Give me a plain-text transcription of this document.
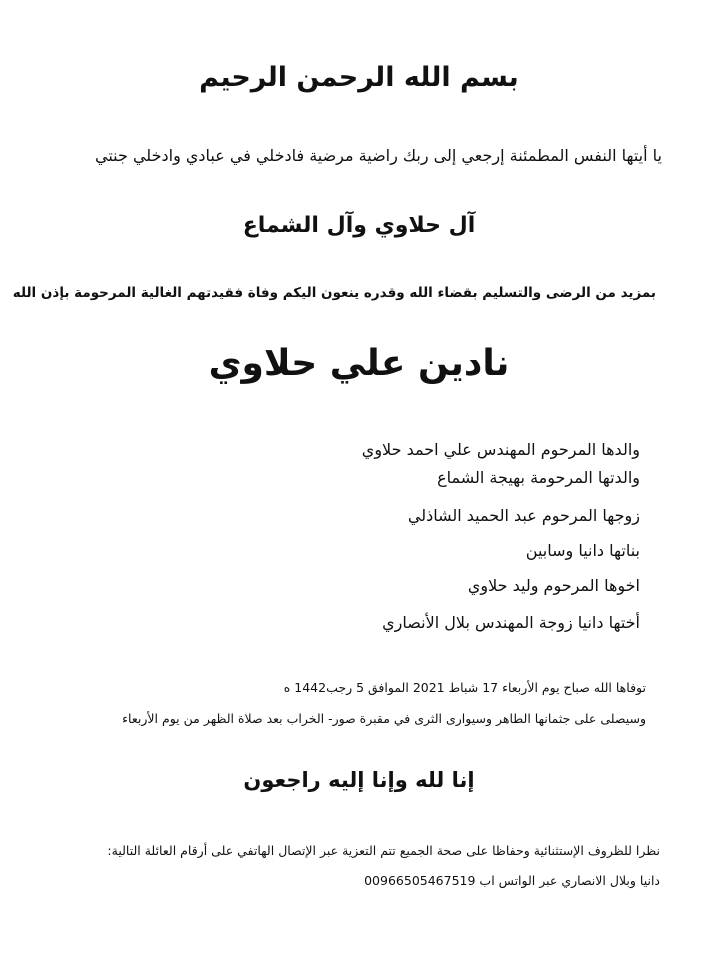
بسم الله الرحمن الرحيم

يا أيتها النفس المطمئنة إرجعي إلى ربك راضية مرضية فادخلي في عبادي وادخلي جنتي

آل حلاوي وآل الشماع

بمزيد من الرضى والتسليم بقضاء الله وقدره ينعون اليكم وفاة فقيدتهم الغالية المرحومة بإذن الله

نادين علي حلاوي

والدها المرحوم المهندس علي احمد حلاوي

والدتها المرحومة بهيجة الشماع

زوجها المرحوم عبد الحميد الشاذلي

بناتها دانيا وسابين

اخوها المرحوم وليد حلاوي

أختها دانيا زوجة المهندس بلال الأنصاري

توفاها الله صباح يوم الأربعاء 17 شباط 2021 الموافق 5 رجب1442 ه

وسيصلى على جثمانها الطاهر وسيوارى الثرى في مقبرة صور- الخراب بعد صلاة الظهر من يوم الأربعاء

إنا لله وإنا إليه راجعون

نظرا للظروف الإستثنائية وحفاظا على صحة الجميع تتم التعزية عبر الإتصال الهاتفي على أرقام العائلة التالية:

دانيا وبلال الانصاري عبر الواتس اب 00966505467519
